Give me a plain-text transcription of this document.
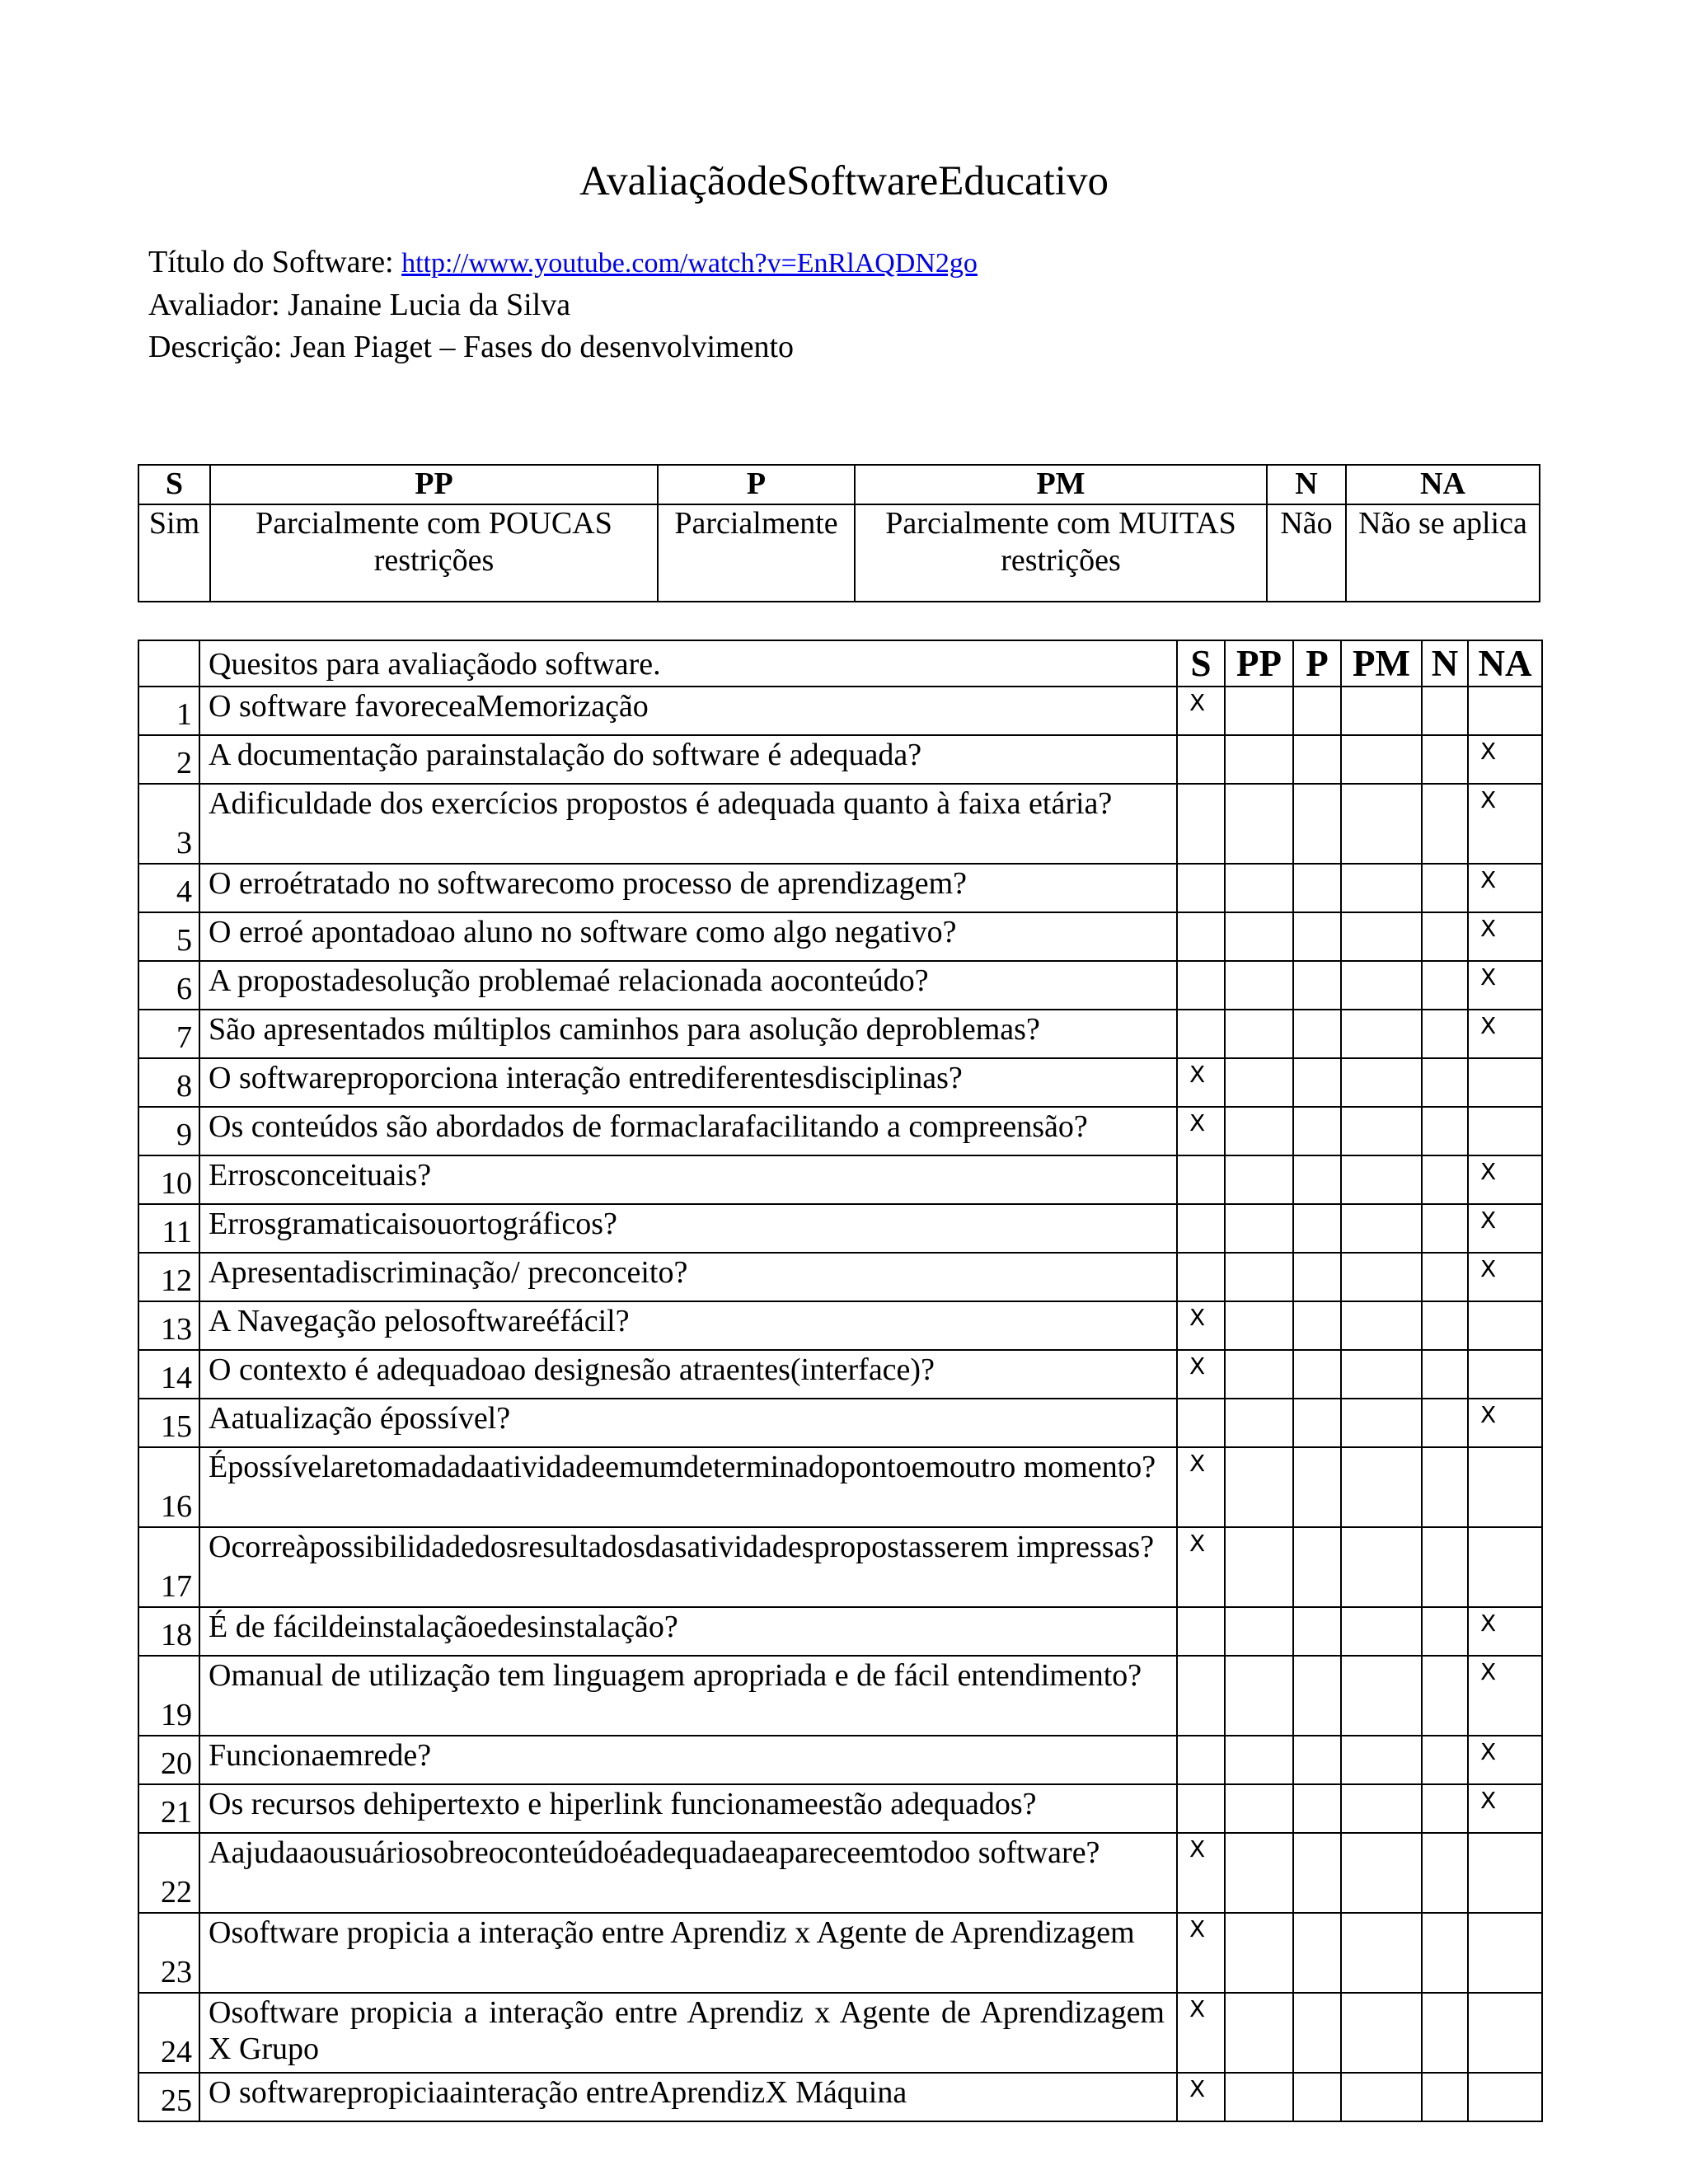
AvaliaçãodeSoftwareEducativo
Título do Software: http://www.youtube.com/watch?v=EnRlAQDN2go
Avaliador: Janaine Lucia da Silva
Descrição: Jean Piaget – Fases do desenvolvimento
S	PP	P	PM	N	NA
Sim	Parcialmente com POUCAS restrições	Parcialmente	Parcialmente com MUITAS restrições	Não	Não se aplica
	Quesitos para avaliaçãodo software.	S	PP	P	PM	N	NA
1	O software favoreceaMemorização	X					
2	A documentação parainstalação do software é adequada?						X
3	Adificuldade dos exercícios propostos é adequada quanto à faixa etária?						X
4	O erroétratado no softwarecomo processo de aprendizagem?						X
5	O erroé apontadoao aluno no software como algo negativo?						X
6	A propostadesolução problemaé relacionada aoconteúdo?						X
7	São apresentados múltiplos caminhos para asolução deproblemas?						X
8	O softwareproporciona interação entrediferentesdisciplinas?	X					
9	Os conteúdos são abordados de formaclarafacilitando a compreensão?	X					
10	Errosconceituais?						X
11	Errosgramaticaisouortográficos?						X
12	Apresentadiscriminação/ preconceito?						X
13	A Navegação pelosoftwareéfácil?	X					
14	O contexto é adequadoao designesão atraentes(interface)?	X					
15	Aatualização épossível?						X
16	Épossívelaretomadadaatividadeemumdeterminadopontoemoutro momento?	X					
17	Ocorreàpossibilidadedosresultadosdasatividadespropostasserem impressas?	X					
18	É de fácildeinstalaçãoedesinstalação?						X
19	Omanual de utilização tem linguagem apropriada e de fácil entendimento?						X
20	Funcionaemrede?						X
21	Os recursos dehipertexto e hiperlink funcionameestão adequados?						X
22	Aajudaaousuáriosobreoconteúdoéadequadaeapareceemtodoo software?	X					
23	Osoftware propicia a interação entre Aprendiz x Agente de Aprendizagem	X					
24	Osoftware propicia a interação entre Aprendiz x Agente de Aprendizagem X Grupo	X					
25	O softwarepropiciaainteração entreAprendizX Máquina	X					
